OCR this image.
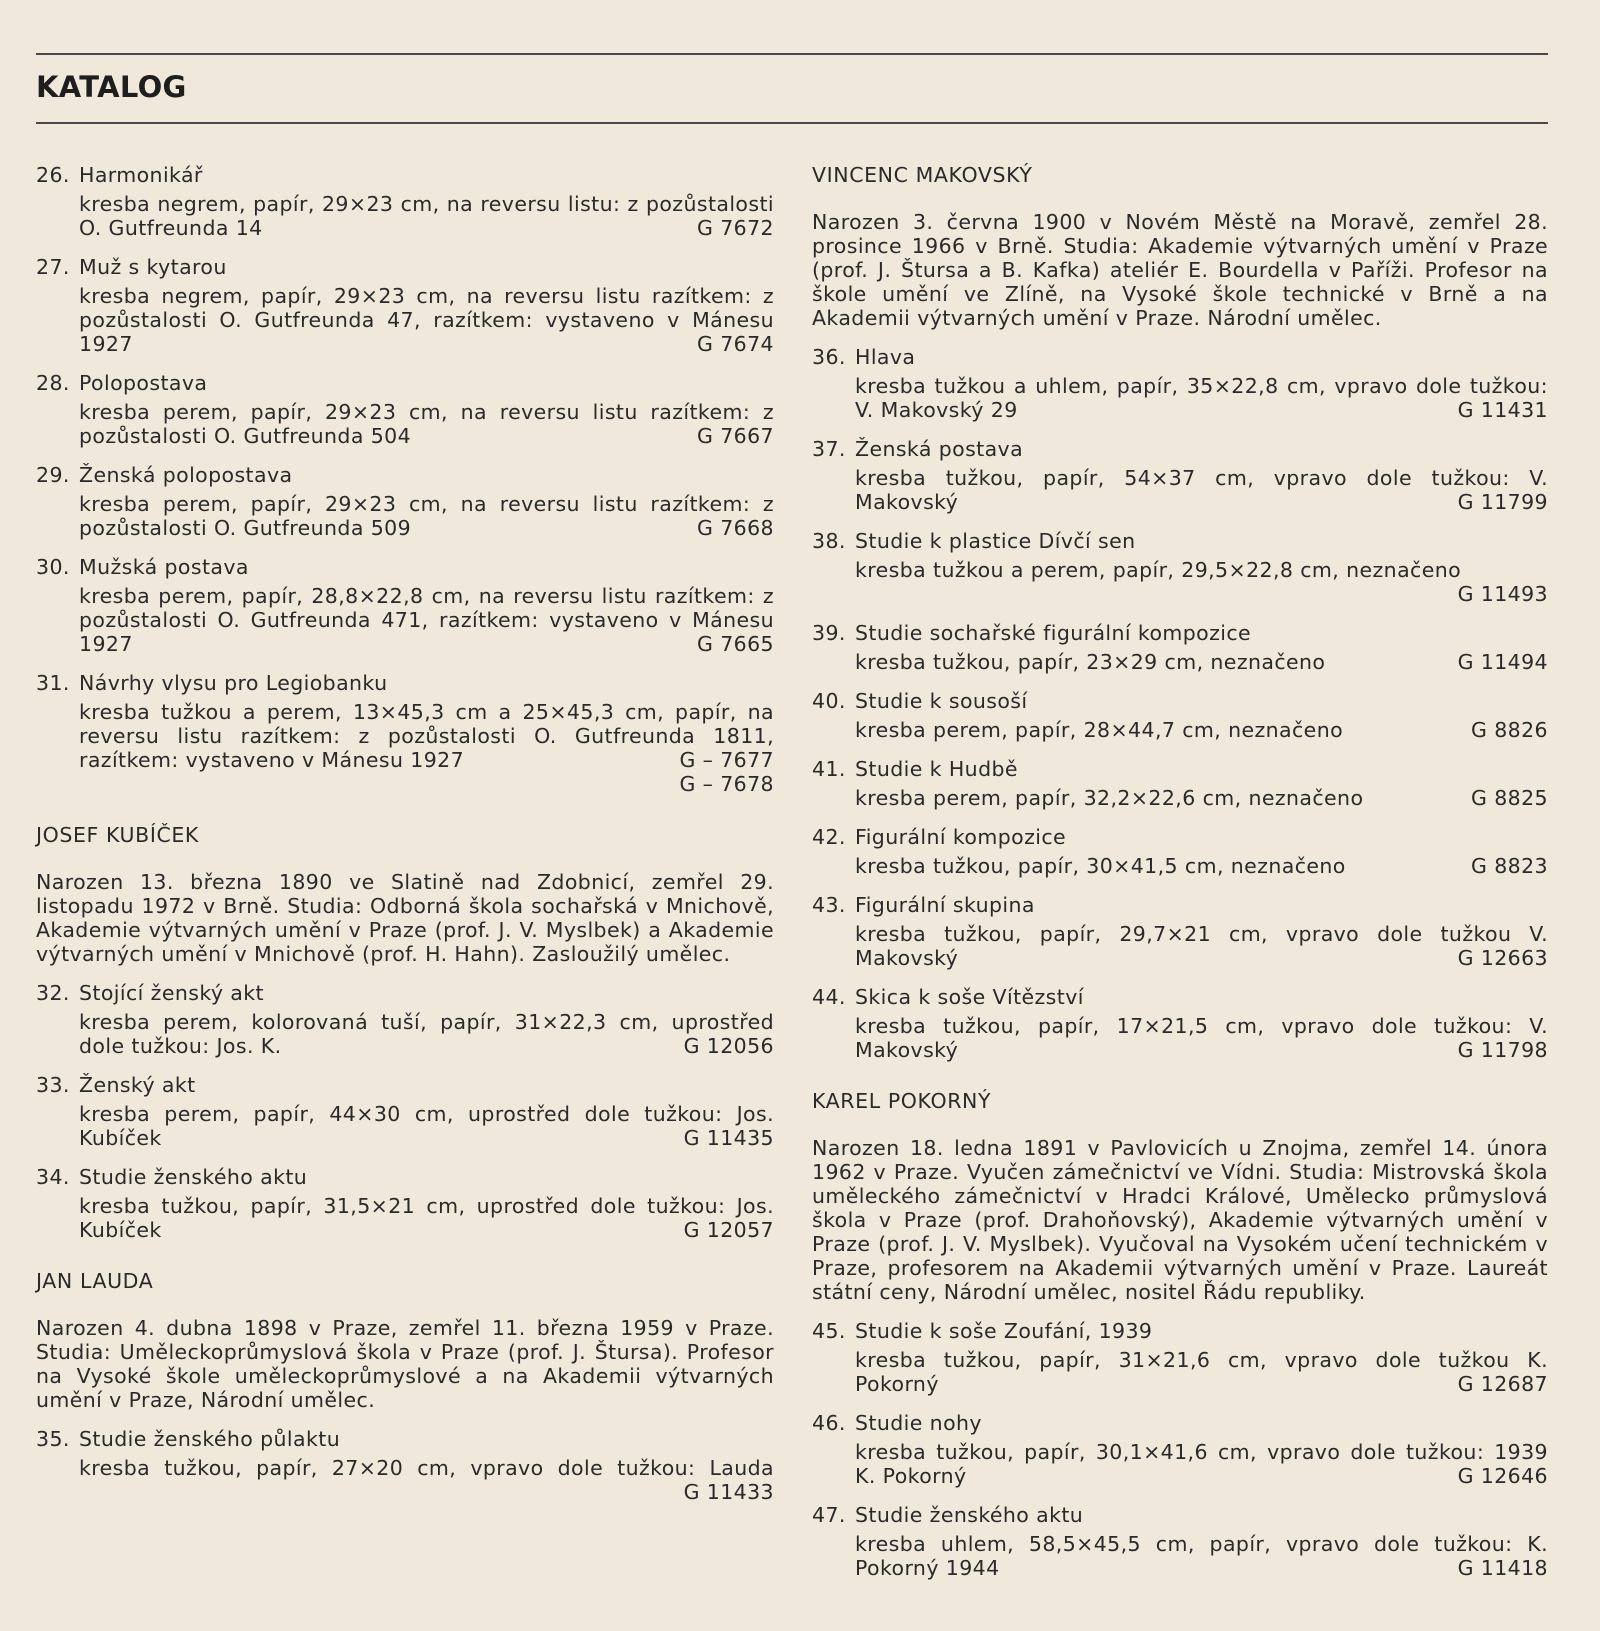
KATALOG
26. Harmonikář
kresba negrem, papír, 29×23 cm, na reversu listu: z pozůstalosti O. Gutfreunda 14	G 7672
27. Muž s kytarou
kresba negrem, papír, 29×23 cm, na reversu listu razítkem: z pozůstalosti O. Gutfreunda 47, razítkem: vystaveno v Mánesu 1927	G 7674
28. Polopostava
kresba perem, papír, 29×23 cm, na reversu listu razítkem: z pozůstalosti O. Gutfreunda 504	G 7667
29. Ženská polopostava
kresba perem, papír, 29×23 cm, na reversu listu razítkem: z pozůstalosti O. Gutfreunda 509	G 7668
30. Mužská postava
kresba perem, papír, 28,8×22,8 cm, na reversu listu razítkem: z pozůstalosti O. Gutfreunda 471, razítkem: vystaveno v Mánesu 1927	G 7665
31. Návrhy vlysu pro Legiobanku
kresba tužkou a perem, 13×45,3 cm a 25×45,3 cm, papír, na reversu listu razítkem: z pozůstalosti O. Gutfreunda 1811, razítkem: vystaveno v Mánesu 1927	G – 7677
G – 7678
JOSEF KUBÍČEK
Narozen 13. března 1890 ve Slatině nad Zdobnicí, zemřel 29. listopadu 1972 v Brně. Studia: Odborná škola sochařská v Mnichově, Akademie výtvarných umění v Praze (prof. J. V. Myslbek) a Akademie výtvarných umění v Mnichově (prof. H. Hahn). Zasloužilý umělec.
32. Stojící ženský akt
kresba perem, kolorovaná tuší, papír, 31×22,3 cm, uprostřed dole tužkou: Jos. K.	G 12056
33. Ženský akt
kresba perem, papír, 44×30 cm, uprostřed dole tužkou: Jos. Kubíček	G 11435
34. Studie ženského aktu
kresba tužkou, papír, 31,5×21 cm, uprostřed dole tužkou: Jos. Kubíček	G 12057
JAN LAUDA
Narozen 4. dubna 1898 v Praze, zemřel 11. března 1959 v Praze. Studia: Uměleckoprůmyslová škola v Praze (prof. J. Štursa). Profesor na Vysoké škole uměleckoprůmyslové a na Akademii výtvarných umění v Praze, Národní umělec.
35. Studie ženského půlaktu
kresba tužkou, papír, 27×20 cm, vpravo dole tužkou: Lauda
G 11433
VINCENC MAKOVSKÝ
Narozen 3. června 1900 v Novém Městě na Moravě, zemřel 28. prosince 1966 v Brně. Studia: Akademie výtvarných umění v Praze (prof. J. Štursa a B. Kafka) ateliér E. Bourdella v Paříži. Profesor na škole umění ve Zlíně, na Vysoké škole technické v Brně a na Akademii výtvarných umění v Praze. Národní umělec.
36. Hlava
kresba tužkou a uhlem, papír, 35×22,8 cm, vpravo dole tužkou: V. Makovský 29	G 11431
37. Ženská postava
kresba tužkou, papír, 54×37 cm, vpravo dole tužkou: V. Makovský	G 11799
38. Studie k plastice Dívčí sen
kresba tužkou a perem, papír, 29,5×22,8 cm, neznačeno
G 11493
39. Studie sochařské figurální kompozice
kresba tužkou, papír, 23×29 cm, neznačeno	G 11494
40. Studie k sousoší
kresba perem, papír, 28×44,7 cm, neznačeno	G 8826
41. Studie k Hudbě
kresba perem, papír, 32,2×22,6 cm, neznačeno	G 8825
42. Figurální kompozice
kresba tužkou, papír, 30×41,5 cm, neznačeno	G 8823
43. Figurální skupina
kresba tužkou, papír, 29,7×21 cm, vpravo dole tužkou V. Makovský	G 12663
44. Skica k soše Vítězství
kresba tužkou, papír, 17×21,5 cm, vpravo dole tužkou: V. Makovský	G 11798
KAREL POKORNÝ
Narozen 18. ledna 1891 v Pavlovicích u Znojma, zemřel 14. února 1962 v Praze. Vyučen zámečnictví ve Vídni. Studia: Mistrovská škola uměleckého zámečnictví v Hradci Králové, Umělecko průmyslová škola v Praze (prof. Drahoňovský), Akademie výtvarných umění v Praze (prof. J. V. Myslbek). Vyučoval na Vysokém učení technickém v Praze, profesorem na Akademii výtvarných umění v Praze. Laureát státní ceny, Národní umělec, nositel Řádu republiky.
45. Studie k soše Zoufání, 1939
kresba tužkou, papír, 31×21,6 cm, vpravo dole tužkou K. Pokorný	G 12687
46. Studie nohy
kresba tužkou, papír, 30,1×41,6 cm, vpravo dole tužkou: 1939 K. Pokorný	G 12646
47. Studie ženského aktu
kresba uhlem, 58,5×45,5 cm, papír, vpravo dole tužkou: K. Pokorný 1944	G 11418
